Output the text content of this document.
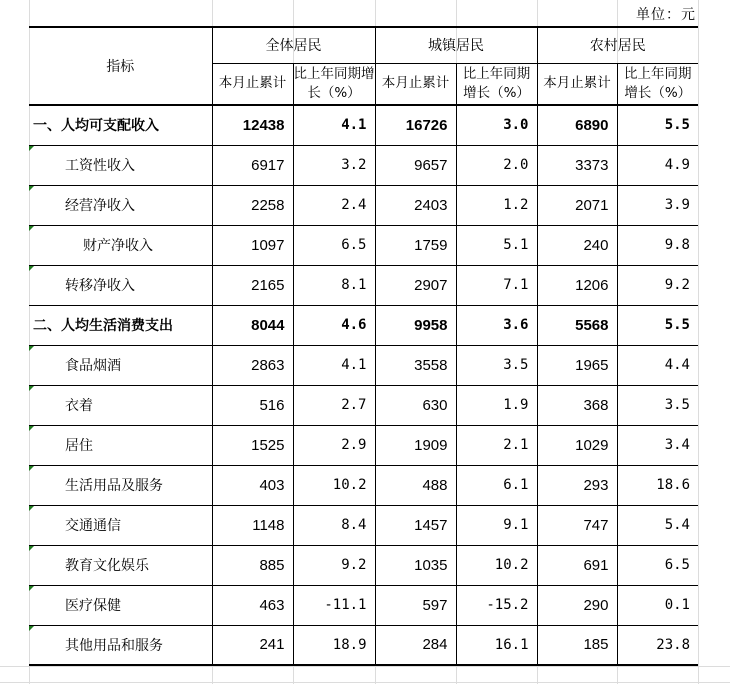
单位：元
指标	全体居民		城镇居民		农村居民	
	本月止累计	比上年同期增长（%）	本月止累计	比上年同期增长（%）	本月止累计	比上年同期增长（%）
一、人均可支配收入	12438	4.1	16726	3.0	6890	5.5

工资性收入	6917	3.2	9657	2.0	3373	4.9

经营净收入	2258	2.4	2403	1.2	2071	3.9

财产净收入	1097	6.5	1759	5.1	240	9.8

转移净收入	2165	8.1	2907	7.1	1206	9.2
二、人均生活消费支出	8044	4.6	9958	3.6	5568	5.5

食品烟酒	2863	4.1	3558	3.5	1965	4.4

衣着	516	2.7	630	1.9	368	3.5

居住	1525	2.9	1909	2.1	1029	3.4

生活用品及服务	403	10.2	488	6.1	293	18.6

交通通信	1148	8.4	1457	9.1	747	5.4

教育文化娱乐	885	9.2	1035	10.2	691	6.5

医疗保健	463	-11.1	597	-15.2	290	0.1

其他用品和服务	241	18.9	284	16.1	185	23.8
